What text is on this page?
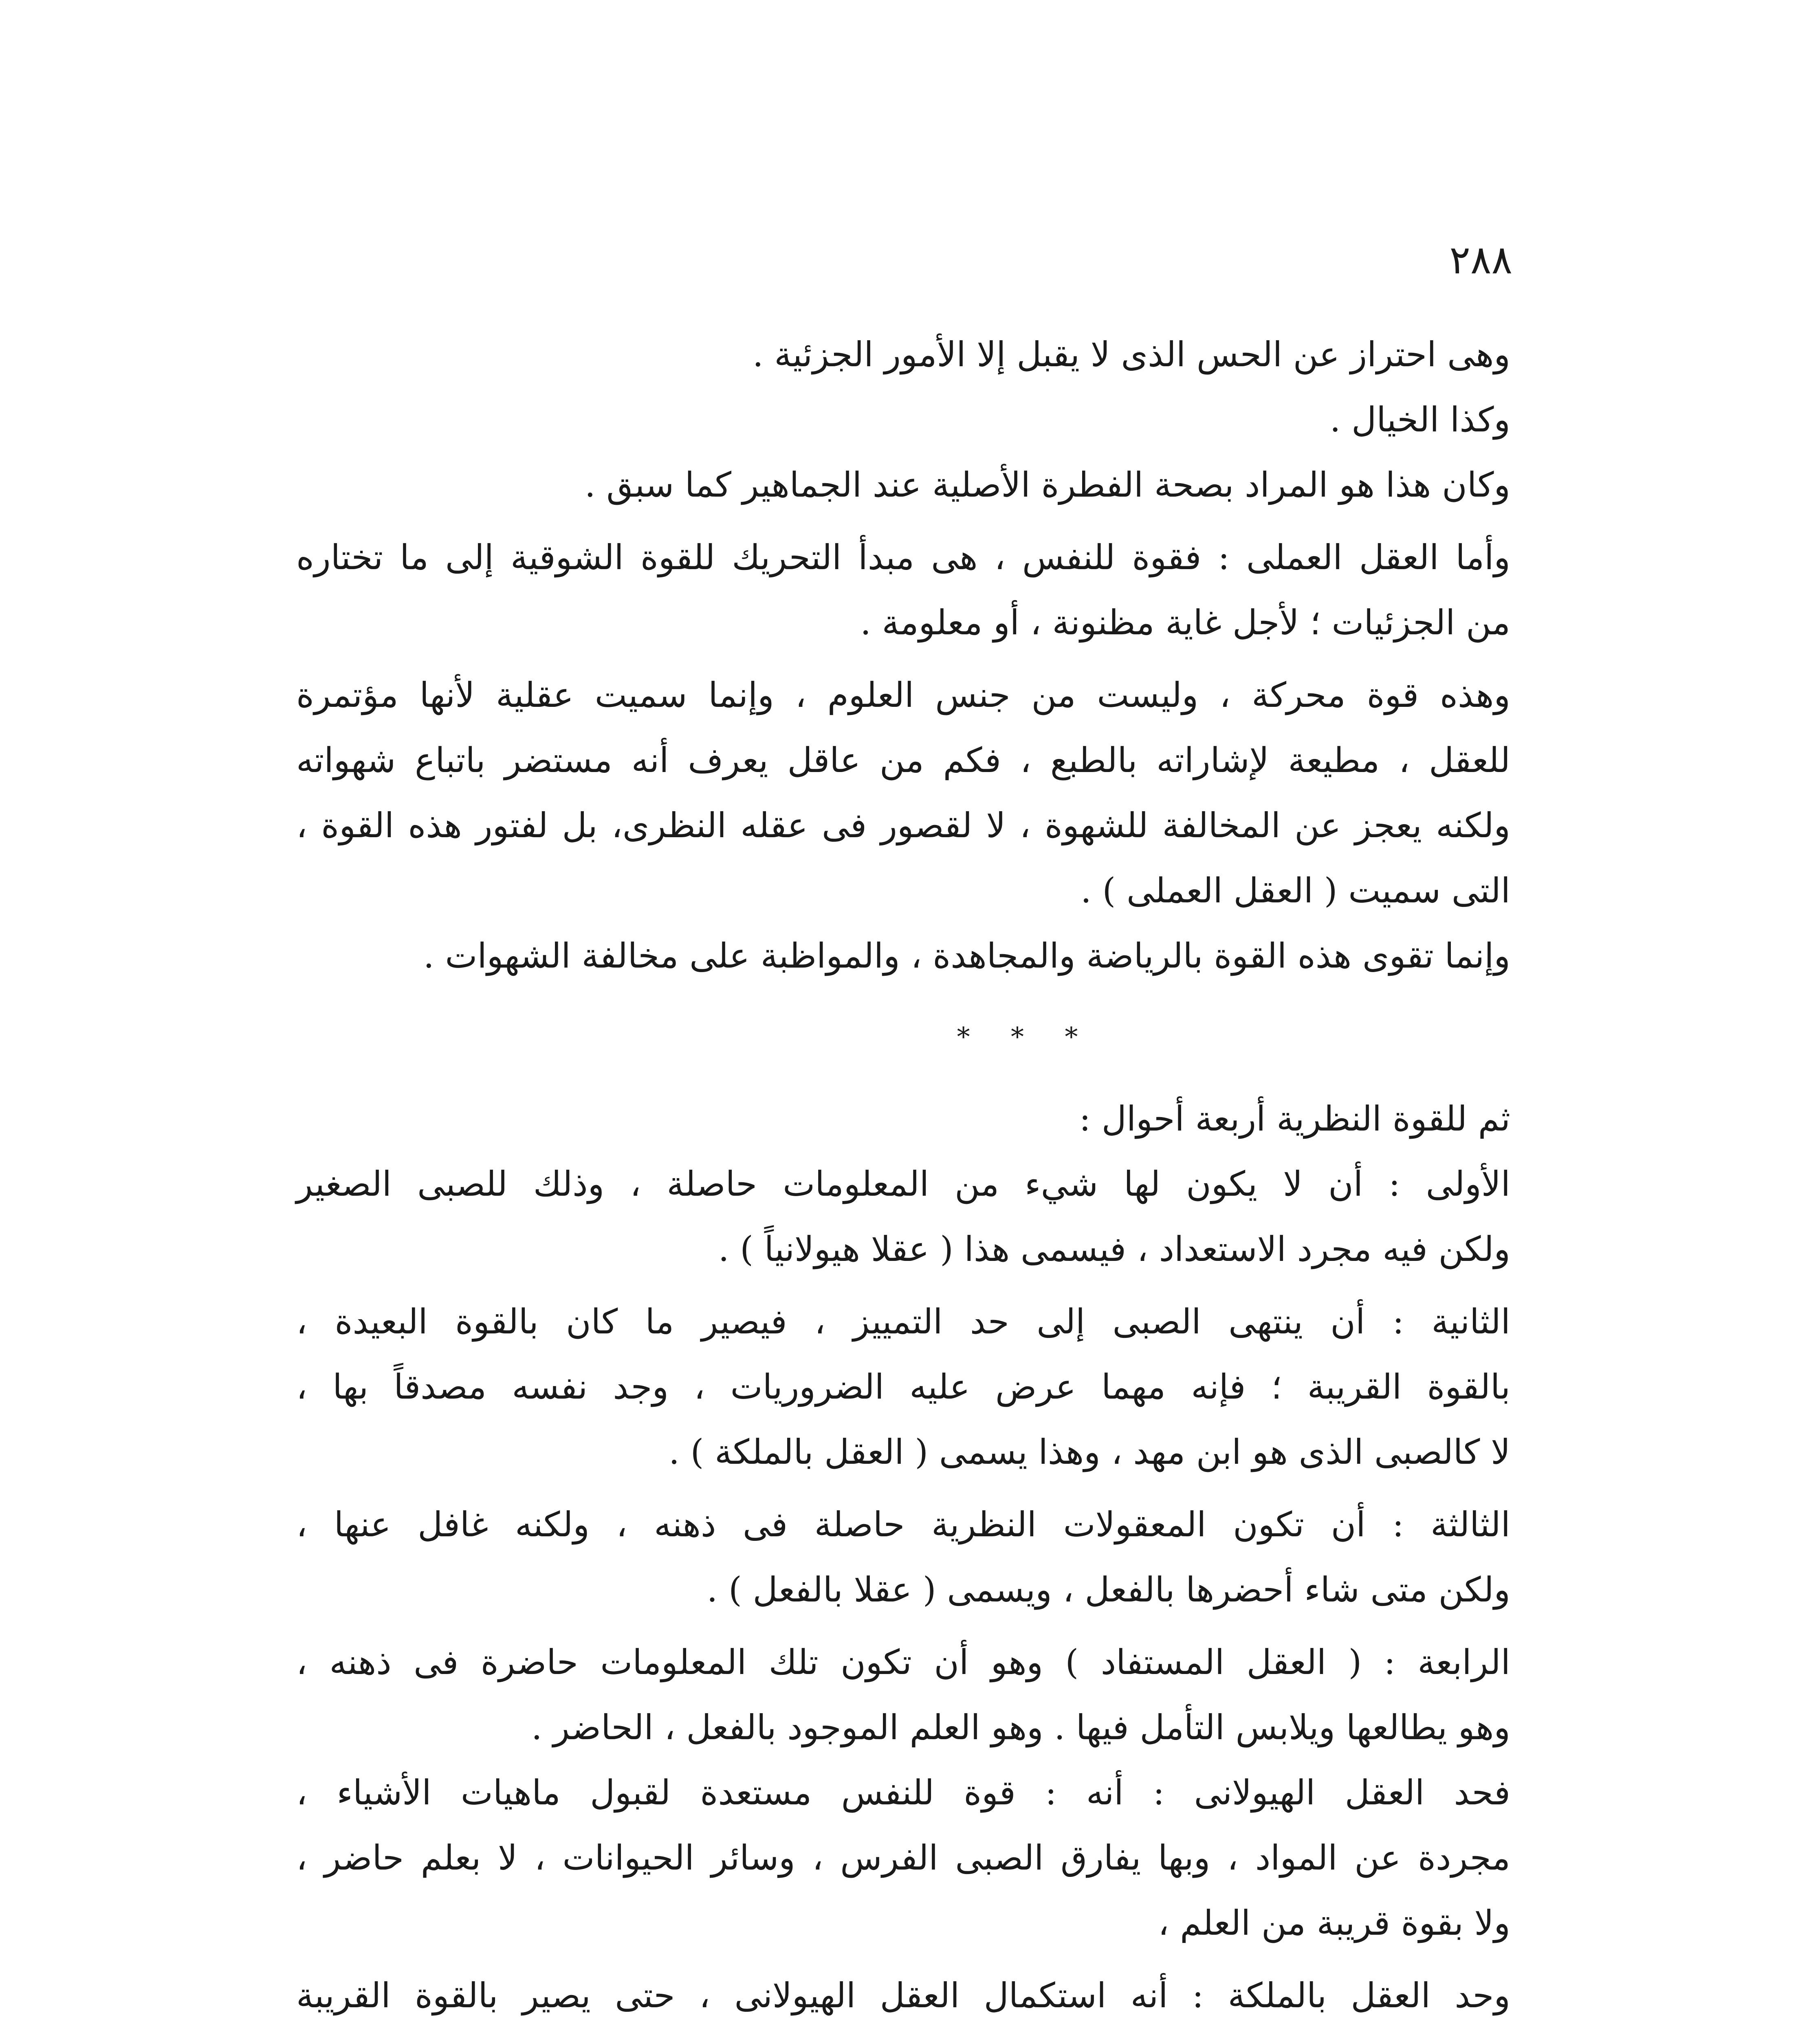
٢٨٨
وهى احتراز عن الحس الذى لا يقبل إلا الأمور الجزئية .
وكذا الخيال .
وكان هذا هو المراد بصحة الفطرة الأصلية عند الجماهير كما سبق .
وأما العقل العملى : فقوة للنفس ، هى مبدأ التحريك للقوة الشوقية إلى ما تختاره
من الجزئيات ؛ لأجل غاية مظنونة ، أو معلومة .
وهذه قوة محركة ، وليست من جنس العلوم ، وإنما سميت عقلية لأنها مؤتمرة
للعقل ، مطيعة لإشاراته بالطبع ، فكم من عاقل يعرف أنه مستضر باتباع شهواته
ولكنه يعجز عن المخالفة للشهوة ، لا لقصور فى عقله النظرى، بل لفتور هذه القوة ،
التى سميت ( العقل العملى ) .
وإنما تقوى هذه القوة بالرياضة والمجاهدة ، والمواظبة على مخالفة الشهوات .
* * *
ثم للقوة النظرية أربعة أحوال :
الأولى : أن لا يكون لها شيء من المعلومات حاصلة ، وذلك للصبى الصغير
ولكن فيه مجرد الاستعداد ، فيسمى هذا ( عقلا هيولانياً ) .
الثانية : أن ينتهى الصبى إلى حد التمييز ، فيصير ما كان بالقوة البعيدة ،
بالقوة القريبة ؛ فإنه مهما عرض عليه الضروريات ، وجد نفسه مصدقاً بها ،
لا كالصبى الذى هو ابن مهد ، وهذا يسمى ( العقل بالملكة ) .
الثالثة : أن تكون المعقولات النظرية حاصلة فى ذهنه ، ولكنه غافل عنها ،
ولكن متى شاء أحضرها بالفعل ، ويسمى ( عقلا بالفعل ) .
الرابعة : ( العقل المستفاد ) وهو أن تكون تلك المعلومات حاضرة فى ذهنه ،
وهو يطالعها ويلابس التأمل فيها . وهو العلم الموجود بالفعل ، الحاضر .
فحد العقل الهيولانى : أنه : قوة للنفس مستعدة لقبول ماهيات الأشياء ،
مجردة عن المواد ، وبها يفارق الصبى الفرس ، وسائر الحيوانات ، لا بعلم حاضر ،
ولا بقوة قريبة من العلم ،
وحد العقل بالملكة : أنه استكمال العقل الهيولانى ، حتى يصير بالقوة القريبة
